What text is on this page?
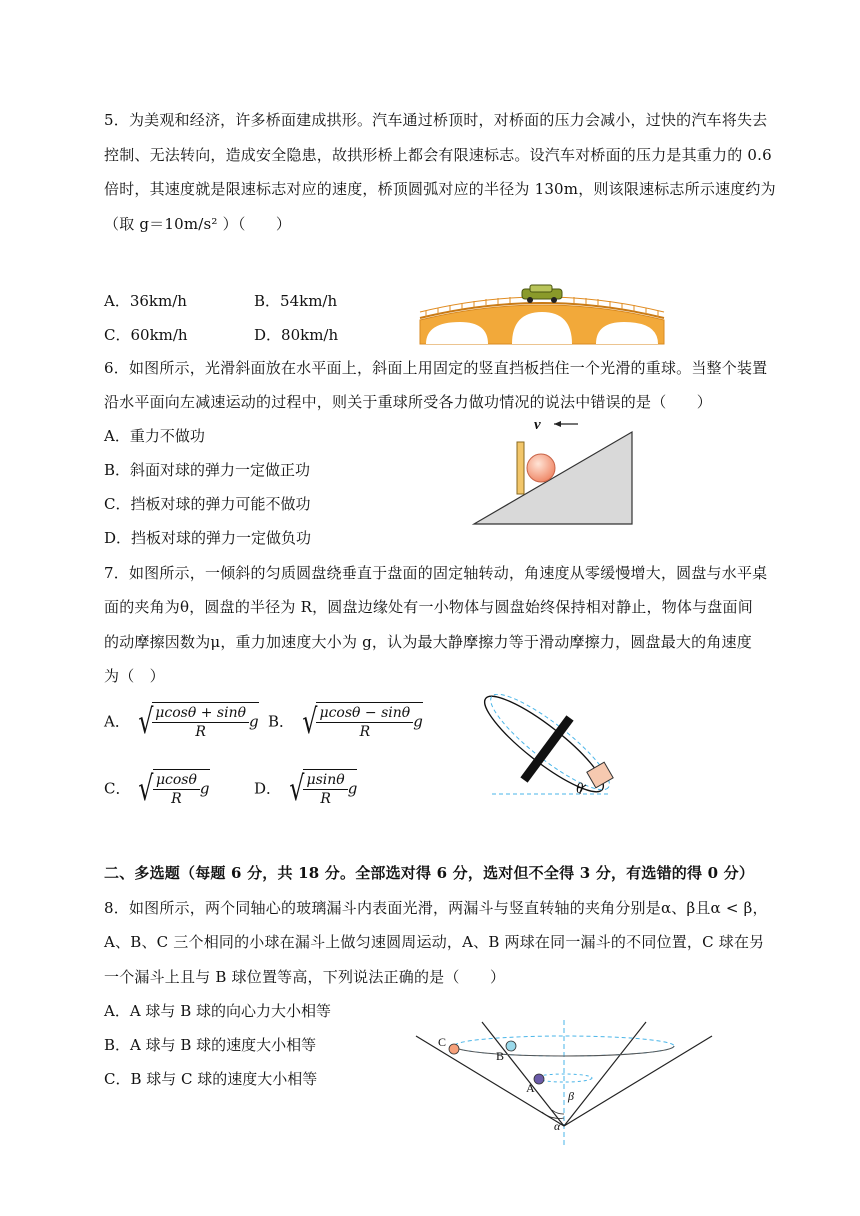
5．为美观和经济，许多桥面建成拱形。汽车通过桥顶时，对桥面的压力会减小，过快的汽车将失去
控制、无法转向，造成安全隐患，故拱形桥上都会有限速标志。设汽车对桥面的压力是其重力的 0.6
倍时，其速度就是限速标志对应的速度，桥顶圆弧对应的半径为 130m，则该限速标志所示速度约为
（取 g＝10m/s² ）（　　）
A．36km/h	B．54km/h
C．60km/h	D．80km/h
6．如图所示，光滑斜面放在水平面上，斜面上用固定的竖直挡板挡住一个光滑的重球。当整个装置
沿水平面向左减速运动的过程中，则关于重球所受各力做功情况的说法中错误的是（　　）
A．重力不做功
B．斜面对球的弹力一定做正功
C．挡板对球的弹力可能不做功
D．挡板对球的弹力一定做负功
v
7．如图所示，一倾斜的匀质圆盘绕垂直于盘面的固定轴转动，角速度从零缓慢增大，圆盘与水平桌
面的夹角为θ，圆盘的半径为 R，圆盘边缘处有一小物体与圆盘始终保持相对静止，物体与盘面间
的动摩擦因数为μ，重力加速度大小为 g，认为最大静摩擦力等于滑动摩擦力，圆盘最大的角速度
为（　）
A． √ $\frac{\mu\cos\theta + \sin\theta}{R}$ g B． √ $\frac{\mu\cos\theta - \sin\theta}{R}$ g
C． √ $\frac{\mu\cos\theta}{R}$ g	D． √ $\frac{\mu\sin\theta}{R}$ g	θ
二、多选题（每题 6 分，共 18 分。全部选对得 6 分，选对但不全得 3 分，有选错的得 0 分）
8．如图所示，两个同轴心的玻璃漏斗内表面光滑，两漏斗与竖直转轴的夹角分别是α、β且α < β，
A、B、C 三个相同的小球在漏斗上做匀速圆周运动，A、B 两球在同一漏斗的不同位置，C 球在另
一个漏斗上且与 B 球位置等高，下列说法正确的是（　　）
A．A 球与 B 球的向心力大小相等
B．A 球与 B 球的速度大小相等
C．B 球与 C 球的速度大小相等
C
B
A
α
β
